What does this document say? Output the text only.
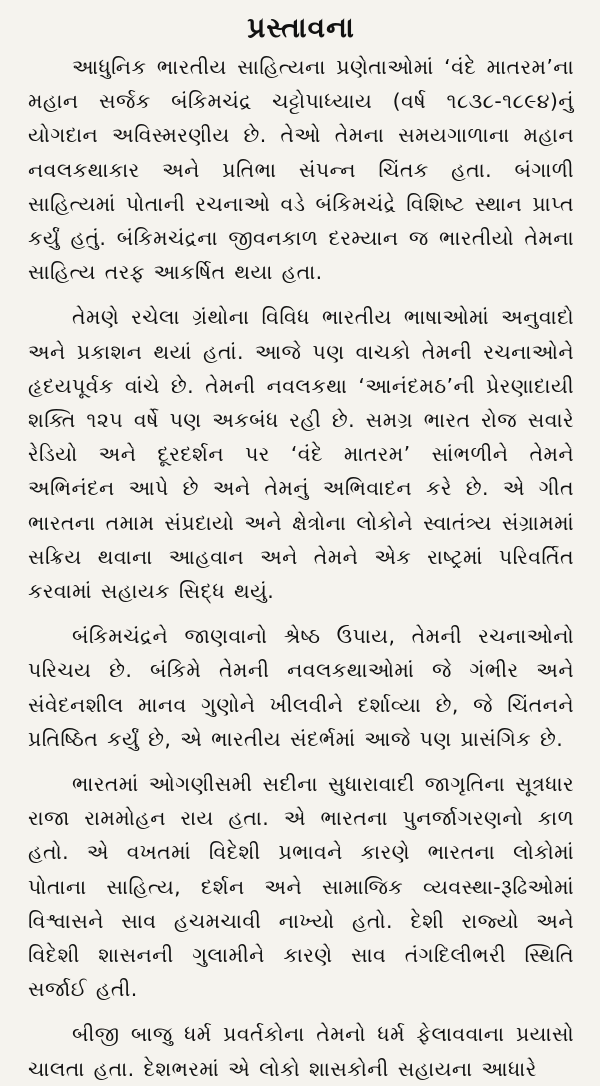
પ્રસ્તાવના

આધુનિક ભારતીય સાહિત્યના પ્રણેતાઓમાં ‘વંદે માતરમ’ના મહાન સર્જક બંકિમચંદ્ર ચટ્ટોપાધ્યાય (વર્ષ ૧૮૩૮-૧૮૯૪)નું યોગદાન અવિસ્મરણીય છે. તેઓ તેમના સમયગાળાના મહાન નવલકથાકાર અને પ્રતિભા સંપન્ન ચિંતક હતા. બંગાળી સાહિત્યમાં પોતાની રચનાઓ વડે બંકિમચંદ્રે વિશિષ્ટ સ્થાન પ્રાપ્ત કર્યું હતું. બંકિમચંદ્રના જીવનકાળ દરમ્યાન જ ભારતીયો તેમના સાહિત્ય તરફ આકર્ષિત થયા હતા.

તેમણે રચેલા ગ્રંથોના વિવિધ ભારતીય ભાષાઓમાં અનુવાદો અને પ્રકાશન થયાં હતાં. આજે પણ વાચકો તેમની રચનાઓને હૃદયપૂર્વક વાંચે છે. તેમની નવલકથા ‘આનંદમઠ’ની પ્રેરણાદાયી શક્તિ ૧૨૫ વર્ષે પણ અકબંધ રહી છે. સમગ્ર ભારત રોજ સવારે રેડિયો અને દૂરદર્શન પર ‘વંદે માતરમ’ સાંભળીને તેમને અભિનંદન આપે છે અને તેમનું અભિવાદન કરે છે. એ ગીત ભારતના તમામ સંપ્રદાયો અને ક્ષેત્રોના લોકોને સ્વાતંત્ર્ય સંગ્રામમાં સક્રિય થવાના આહવાન અને તેમને એક રાષ્ટ્રમાં પરિવર્તિત કરવામાં સહાયક સિદ્ધ થયું.

બંકિમચંદ્રને જાણવાનો શ્રેષ્ઠ ઉપાય, તેમની રચનાઓનો પરિચય છે. બંકિમે તેમની નવલકથાઓમાં જે ગંભીર અને સંવેદનશીલ માનવ ગુણોને ખીલવીને દર્શાવ્યા છે, જે ચિંતનને પ્રતિષ્ઠિત કર્યું છે, એ ભારતીય સંદર્ભમાં આજે પણ પ્રાસંગિક છે.

ભારતમાં ઓગણીસમી સદીના સુધારાવાદી જાગૃતિના સૂત્રધાર રાજા રામમોહન રાય હતા. એ ભારતના પુનર્જાગરણનો કાળ હતો. એ વખતમાં વિદેશી પ્રભાવને કારણે ભારતના લોકોમાં પોતાના સાહિત્ય, દર્શન અને સામાજિક વ્યવસ્થા-રૂઢિઓમાં વિશ્વાસને સાવ હચમચાવી નાખ્યો હતો. દેશી રાજ્યો અને વિદેશી શાસનની ગુલામીને કારણે સાવ તંગદિલીભરી સ્થિતિ સર્જાઈ હતી.

બીજી બાજુ ધર્મ પ્રવર્તકોના તેમનો ધર્મ ફેલાવવાના પ્રયાસો ચાલતા હતા. દેશભરમાં એ લોકો શાસકોની સહાયના આધારે
